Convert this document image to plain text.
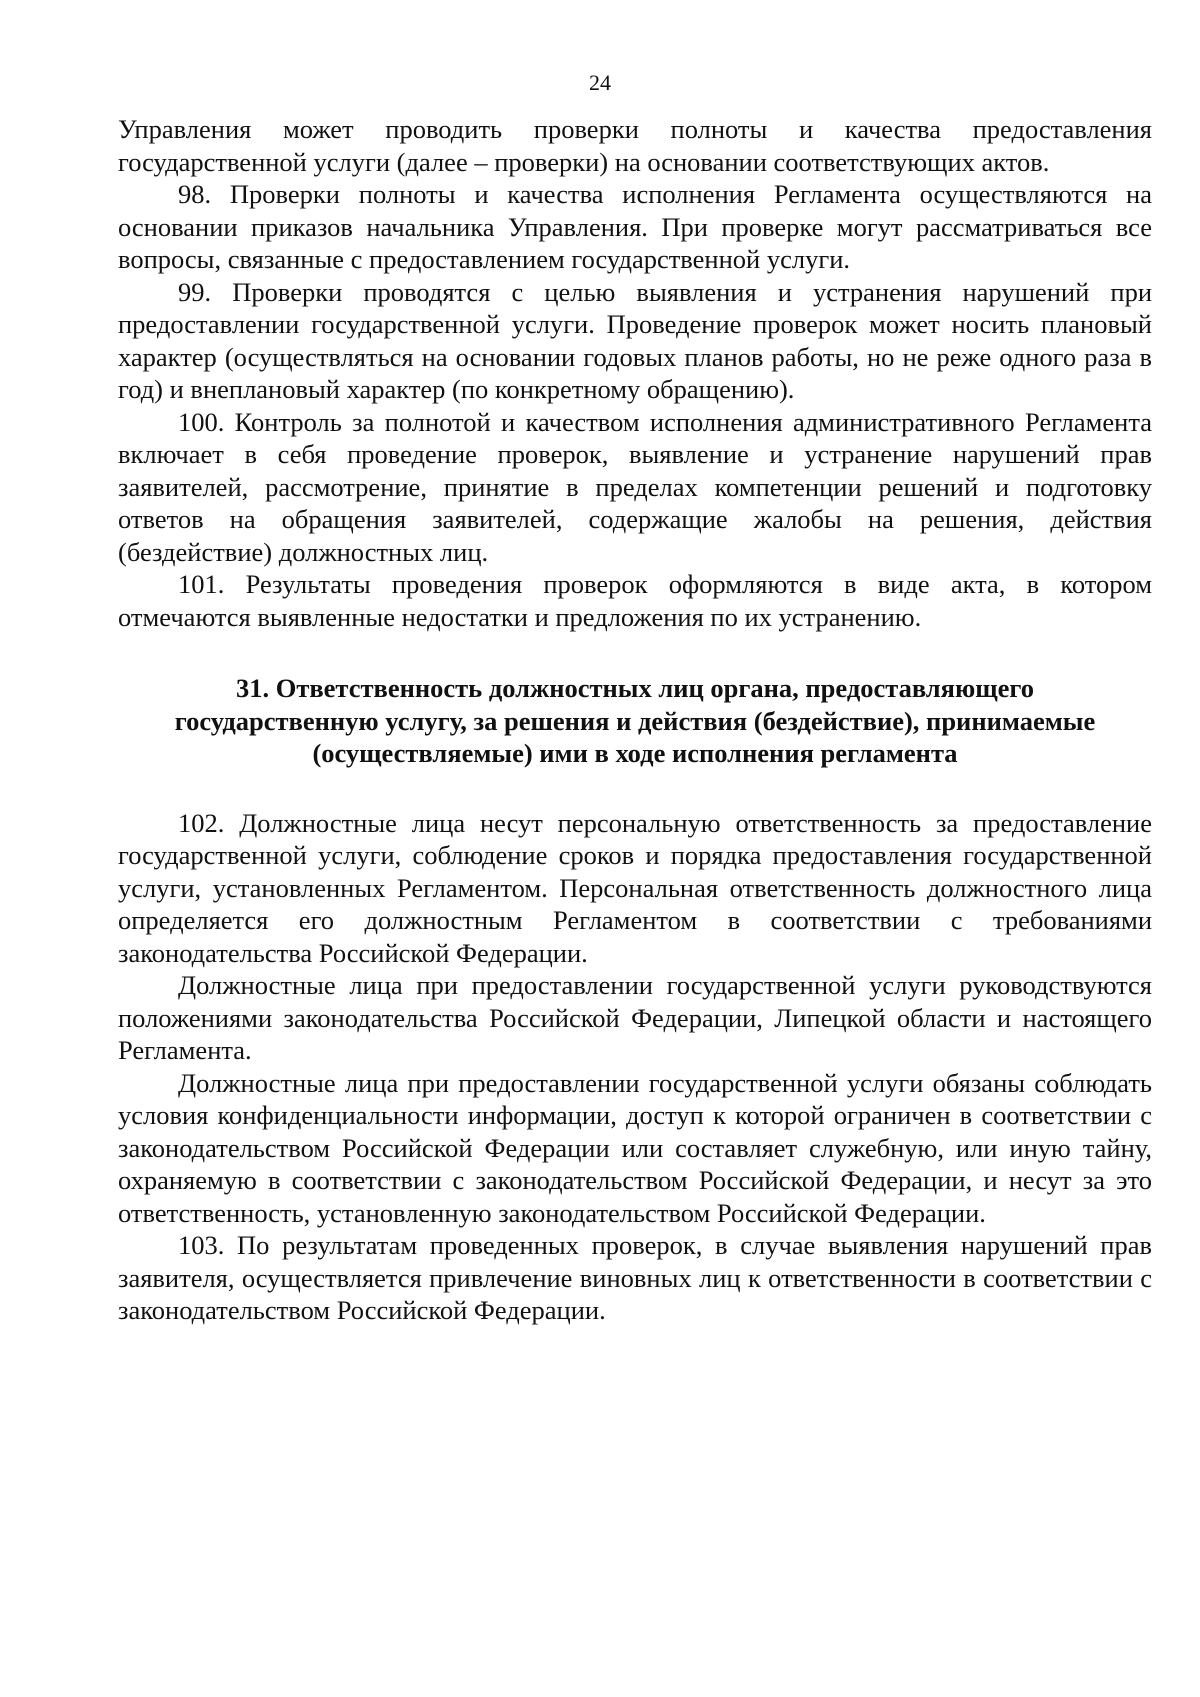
24

Управления может проводить проверки полноты и качества предоставления государственной услуги (далее – проверки) на основании соответствующих актов.

98. Проверки полноты и качества исполнения Регламента осуществляются на основании приказов начальника Управления. При проверке могут рассматриваться все вопросы, связанные с предоставлением государственной услуги.

99. Проверки проводятся с целью выявления и устранения нарушений при предоставлении государственной услуги. Проведение проверок может носить плановый характер (осуществляться на основании годовых планов работы, но не реже одного раза в год) и внеплановый характер (по конкретному обращению).

100. Контроль за полнотой и качеством исполнения административного Регламента включает в себя проведение проверок, выявление и устранение нарушений прав заявителей, рассмотрение, принятие в пределах компетенции решений и подготовку ответов на обращения заявителей, содержащие жалобы на решения, действия (бездействие) должностных лиц.

101. Результаты проведения проверок оформляются в виде акта, в котором отмечаются выявленные недостатки и предложения по их устранению.

31. Ответственность должностных лиц органа, предоставляющего
государственную услугу, за решения и действия (бездействие), принимаемые
(осуществляемые) ими в ходе исполнения регламента

102. Должностные лица несут персональную ответственность за предоставление государственной услуги, соблюдение сроков и порядка предоставления государственной услуги, установленных Регламентом. Персональная ответственность должностного лица определяется его должностным Регламентом в соответствии с требованиями законодательства Российской Федерации.

Должностные лица при предоставлении государственной услуги руководствуются положениями законодательства Российской Федерации, Липецкой области и настоящего Регламента.

Должностные лица при предоставлении государственной услуги обязаны соблюдать условия конфиденциальности информации, доступ к которой ограничен в соответствии с законодательством Российской Федерации или составляет служебную, или иную тайну, охраняемую в соответствии с законодательством Российской Федерации, и несут за это ответственность, установленную законодательством Российской Федерации.

103. По результатам проведенных проверок, в случае выявления нарушений прав заявителя, осуществляется привлечение виновных лиц к ответственности в соответствии с законодательством Российской Федерации.
